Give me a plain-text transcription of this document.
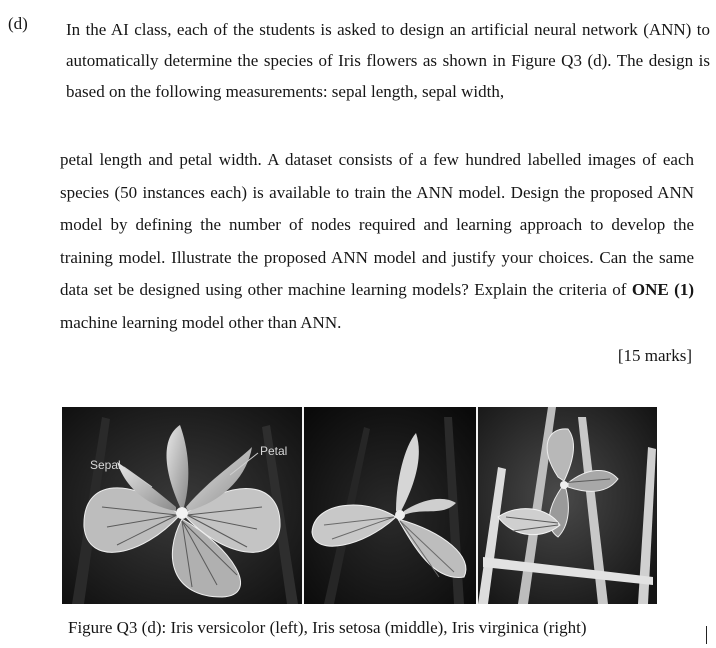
(d) In the AI class, each of the students is asked to design an artificial neural network (ANN) to automatically determine the species of Iris flowers as shown in Figure Q3 (d). The design is based on the following measurements: sepal length, sepal width,
petal length and petal width. A dataset consists of a few hundred labelled images of each species (50 instances each) is available to train the ANN model. Design the proposed ANN model by defining the number of nodes required and learning approach to develop the training model. Illustrate the proposed ANN model and justify your choices. Can the same data set be designed using other machine learning models? Explain the criteria of ONE (1) machine learning model other than ANN.
[15 marks]
Sepal
Petal
Figure Q3 (d): Iris versicolor (left), Iris setosa (middle), Iris virginica (right)
